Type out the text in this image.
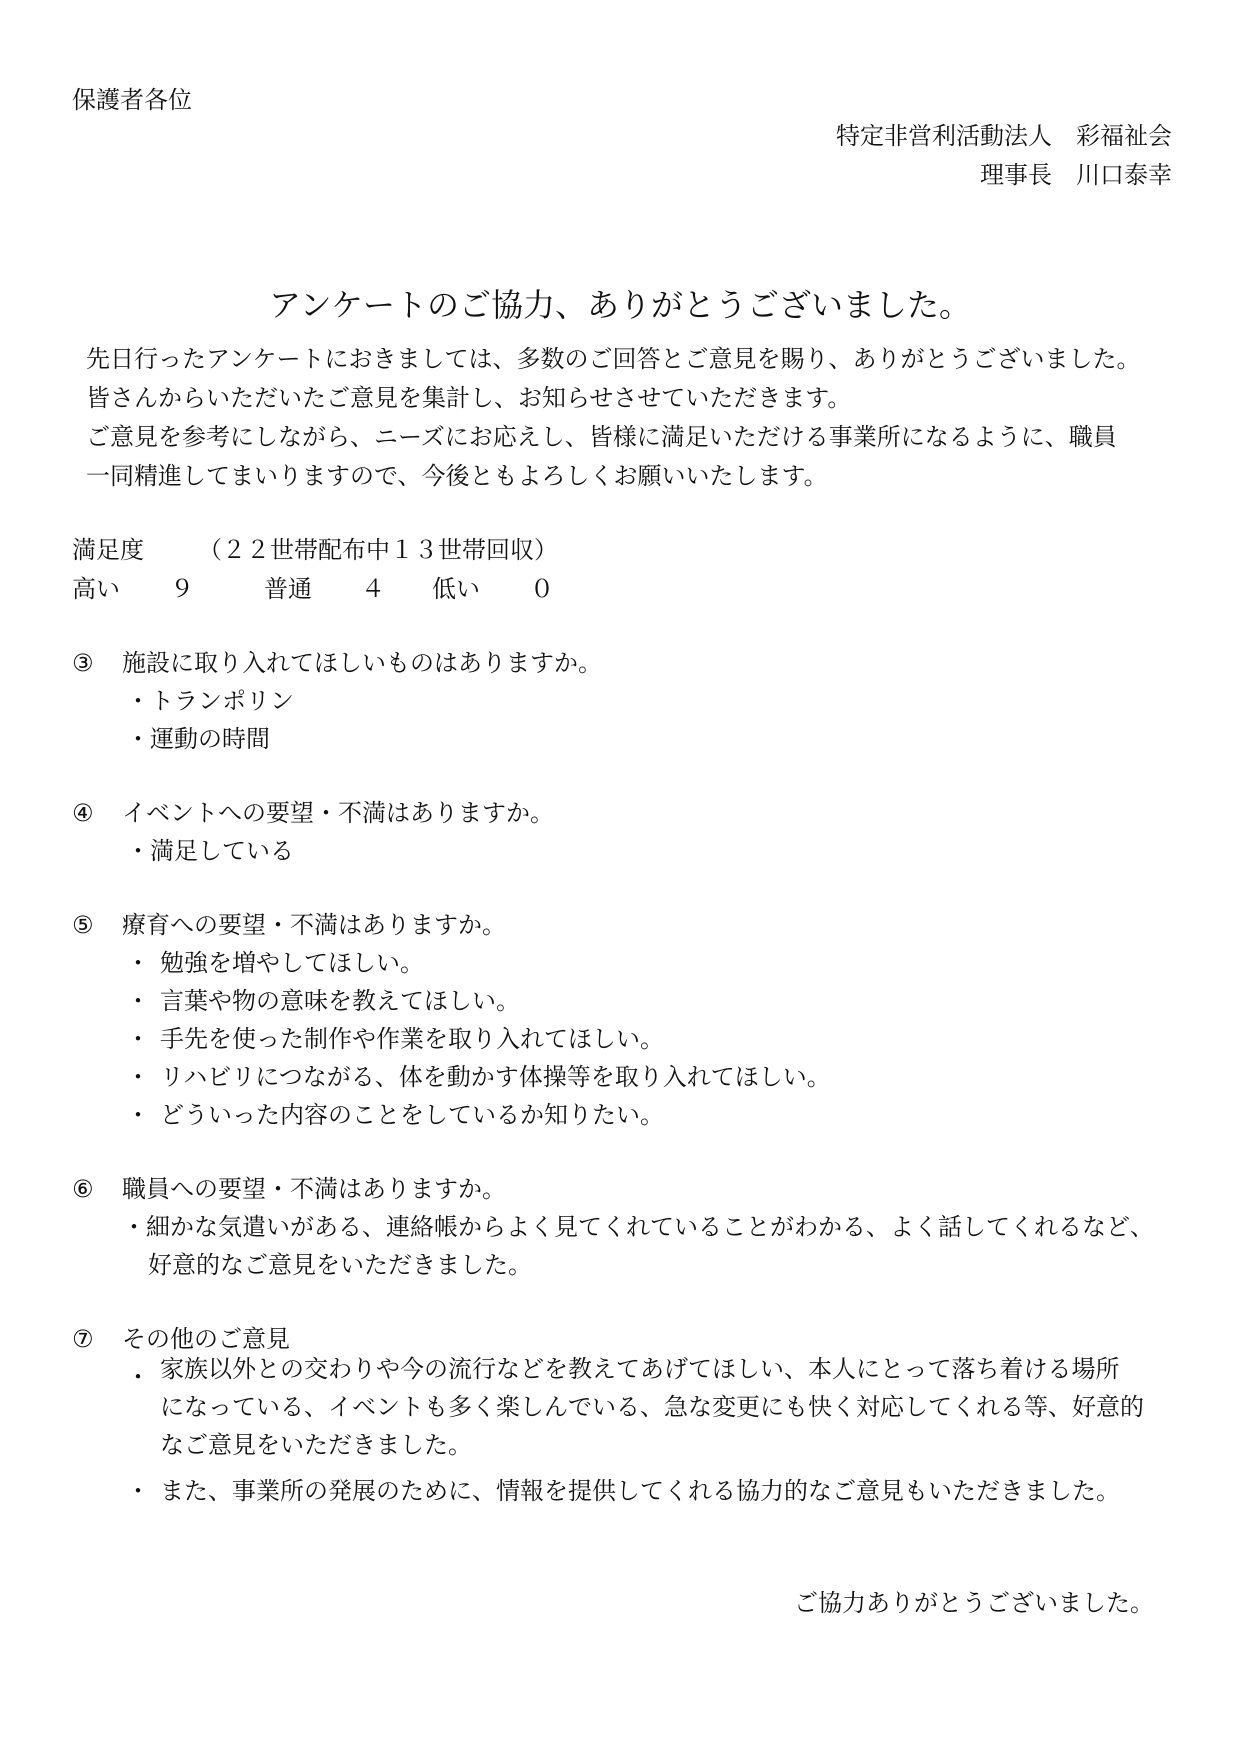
保護者各位
特定非営利活動法人　彩福祉会
理事長　川口泰幸
アンケートのご協力、ありがとうございました。

先日行ったアンケートにおきましては、多数のご回答とご意見を賜り、ありがとうございました。

皆さんからいただいたご意見を集計し、お知らせさせていただきます。

ご意見を参考にしながら、ニーズにお応えし、皆様に満足いただける事業所になるように、職員

一同精進してまいりますので、今後ともよろしくお願いいたします。

満足度 （２２世帯配布中１３世帯回収）
高い ９	普通 ４ 低い ０
③ 施設に取り入れてほしいものはありますか。
・トランポリン
・運動の時間
④ イベントへの要望・不満はありますか。
・満足している
⑤ 療育への要望・不満はありますか。
・ 勉強を増やしてほしい。
・ 言葉や物の意味を教えてほしい。
・ 手先を使った制作や作業を取り入れてほしい。
・ リハビリにつながる、体を動かす体操等を取り入れてほしい。
・ どういった内容のことをしているか知りたい。
⑥ 職員への要望・不満はありますか。
・細かな気遣いがある、連絡帳からよく見てくれていることがわかる、よく話してくれるなど、
好意的なご意見をいただきました。
⑦ その他のご意見
・ 家族以外との交わりや今の流行などを教えてあげてほしい、本人にとって落ち着ける場所
になっている、イベントも多く楽しんでいる、急な変更にも快く対応してくれる等、好意的
なご意見をいただきました。
・ また、事業所の発展のために、情報を提供してくれる協力的なご意見もいただきました。
ご協力ありがとうございました。
